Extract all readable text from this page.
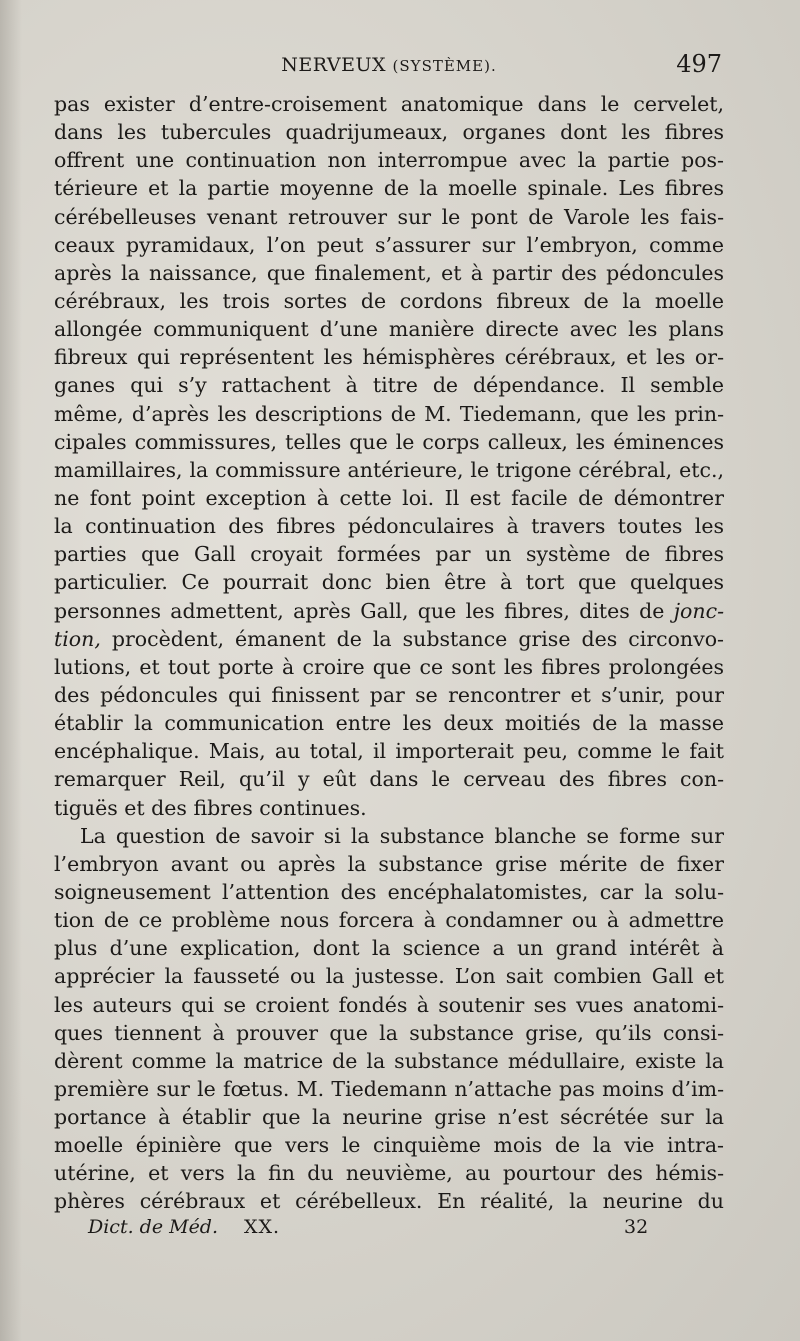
NERVEUX (SYSTÈME).	497
pas exister d’entre-croisement anatomique dans le cervelet,
dans les tubercules quadrijumeaux, organes dont les fibres
offrent une continuation non interrompue avec la partie pos-
térieure et la partie moyenne de la moelle spinale. Les fibres
cérébelleuses venant retrouver sur le pont de Varole les fais-
ceaux pyramidaux, l’on peut s’assurer sur l’embryon, comme
après la naissance, que finalement, et à partir des pédoncules
cérébraux, les trois sortes de cordons fibreux de la moelle
allongée communiquent d’une manière directe avec les plans
fibreux qui représentent les hémisphères cérébraux, et les or-
ganes qui s’y rattachent à titre de dépendance. Il semble
même, d’après les descriptions de M. Tiedemann, que les prin-
cipales commissures, telles que le corps calleux, les éminences
mamillaires, la commissure antérieure, le trigone cérébral, etc.,
ne font point exception à cette loi. Il est facile de démontrer
la continuation des fibres pédonculaires à travers toutes les
parties que Gall croyait formées par un système de fibres
particulier. Ce pourrait donc bien être à tort que quelques
personnes admettent, après Gall, que les fibres, dites de jonc-
tion, procèdent, émanent de la substance grise des circonvo-
lutions, et tout porte à croire que ce sont les fibres prolongées
des pédoncules qui finissent par se rencontrer et s’unir, pour
établir la communication entre les deux moitiés de la masse
encéphalique. Mais, au total, il importerait peu, comme le fait
remarquer Reil, qu’il y eût dans le cerveau des fibres con-
tiguës et des fibres continues.
La question de savoir si la substance blanche se forme sur
l’embryon avant ou après la substance grise mérite de fixer
soigneusement l’attention des encéphalatomistes, car la solu-
tion de ce problème nous forcera à condamner ou à admettre
plus d’une explication, dont la science a un grand intérêt à
apprécier la fausseté ou la justesse. L’on sait combien Gall et
les auteurs qui se croient fondés à soutenir ses vues anatomi-
ques tiennent à prouver que la substance grise, qu’ils consi-
dèrent comme la matrice de la substance médullaire, existe la
première sur le fœtus. M. Tiedemann n’attache pas moins d’im-
portance à établir que la neurine grise n’est sécrétée sur la
moelle épinière que vers le cinquième mois de la vie intra-
utérine, et vers la fin du neuvième, au pourtour des hémis-
phères cérébraux et cérébelleux. En réalité, la neurine du
Dict. de Méd. XX.	32
